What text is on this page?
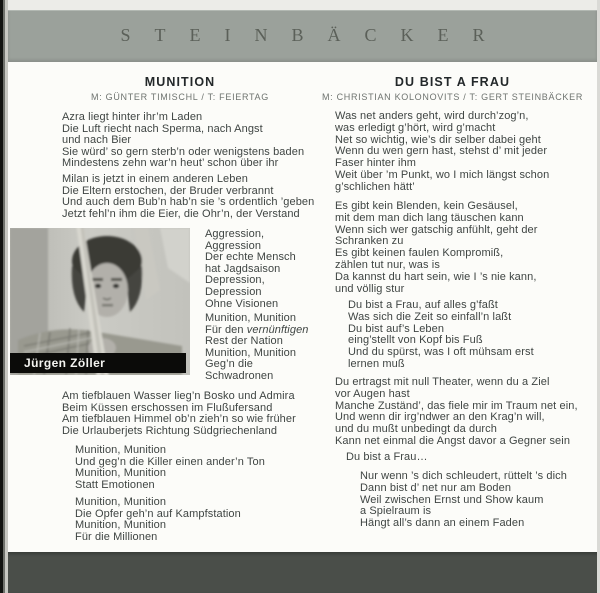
STEINBÄCKER
MUNITION
M: GÜNTER TIMISCHL / T: FEIERTAG
Azra liegt hinter ihr’m Laden
Die Luft riecht nach Sperma, nach Angst
und nach Bier
Sie würd’ so gern sterb’n oder wenigstens baden
Mindestens zehn war’n heut’ schon über ihr
Milan is jetzt in einem anderen Leben
Die Eltern erstochen, der Bruder verbrannt
Und auch dem Bub’n hab’n sie ’s ordentlich ’geben
Jetzt fehl’n ihm die Eier, die Ohr’n, der Verstand
Aggression,
Aggression
Der echte Mensch
hat Jagdsaison
Depression,
Depression
Ohne Visionen
Munition, Munition
Für den vernünftigen
Rest der Nation
Munition, Munition
Geg’n die
Schwadronen
Am tiefblauen Wasser lieg’n Bosko und Admira
Beim Küssen erschossen im Flußufersand
Am tiefblauen Himmel ob’n zieh’n so wie früher
Die Urlauberjets Richtung Südgriechenland
Munition, Munition
Und geg’n die Killer einen ander’n Ton
Munition, Munition
Statt Emotionen
Munition, Munition
Die Opfer geh’n auf Kampfstation
Munition, Munition
Für die Millionen
Jürgen Zöller
DU BIST A FRAU
M: CHRISTIAN KOLONOVITS / T: GERT STEINBÄCKER
Was net anders geht, wird durch’zog’n,
was erledigt g’hört, wird g’macht
Net so wichtig, wie’s dir selber dabei geht
Wenn du wen gern hast, stehst d’ mit jeder
Faser hinter ihm
Weit über ’m Punkt, wo I mich längst schon
g’schlichen hätt’
Es gibt kein Blenden, kein Gesäusel,
mit dem man dich lang täuschen kann
Wenn sich wer gatschig anfühlt, geht der
Schranken zu
Es gibt keinen faulen Kompromiß,
zählen tut nur, was is
Da kannst du hart sein, wie I ’s nie kann,
und völlig stur
Du bist a Frau, auf alles g’faßt
Was sich die Zeit so einfall’n laßt
Du bist auf’s Leben
eing’stellt von Kopf bis Fuß
Und du spürst, was I oft mühsam erst
lernen muß
Du ertragst mit null Theater, wenn du a Ziel
vor Augen hast
Manche Zuständ’, das fiele mir im Traum net ein,
Und wenn dir irg’ndwer an den Krag’n will,
und du mußt unbedingt da durch
Kann net einmal die Angst davor a Gegner sein
Du bist a Frau…
Nur wenn ’s dich schleudert, rüttelt ’s dich
Dann bist d’ net nur am Boden
Weil zwischen Ernst und Show kaum
a Spielraum is
Hängt all’s dann an einem Faden
